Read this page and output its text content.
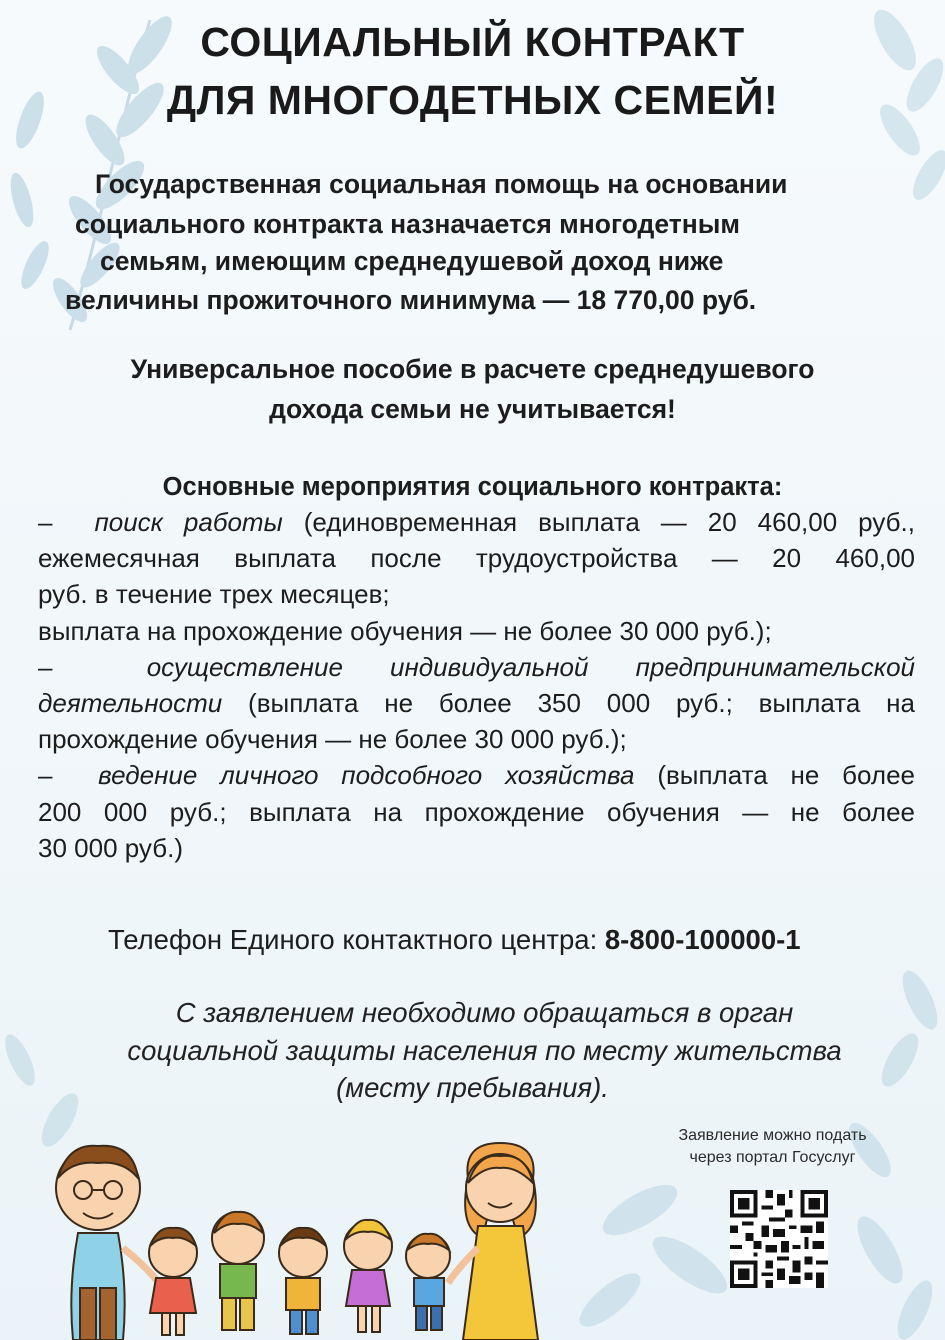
СОЦИАЛЬНЫЙ КОНТРАКТ
ДЛЯ МНОГОДЕТНЫХ СЕМЕЙ!
Государственная социальная помощь на основании
социального контракта назначается многодетным
семьям, имеющим среднедушевой доход ниже
величины прожиточного минимума — 18 770,00 руб.
Универсальное пособие в расчете среднедушевого
дохода семьи не учитывается!
Основные мероприятия социального контракта:
– поиск работы (единовременная выплата — 20 460,00 руб.,
ежемесячная выплата после трудоустройства — 20 460,00
руб. в течение трех месяцев;
выплата на прохождение обучения — не более 30 000 руб.);
–	осуществление индивидуальной предпринимательской
деятельности (выплата не более 350 000 руб.; выплата на
прохождение обучения — не более 30 000 руб.);
– ведение личного подсобного хозяйства (выплата не более
200 000 руб.; выплата на прохождение обучения — не более
30 000 руб.)
Телефон Единого контактного центра: 8-800-100000-1
С заявлением необходимо обращаться в орган
социальной защиты населения по месту жительства
(месту пребывания).
Заявление можно подать
через портал Госуслуг
